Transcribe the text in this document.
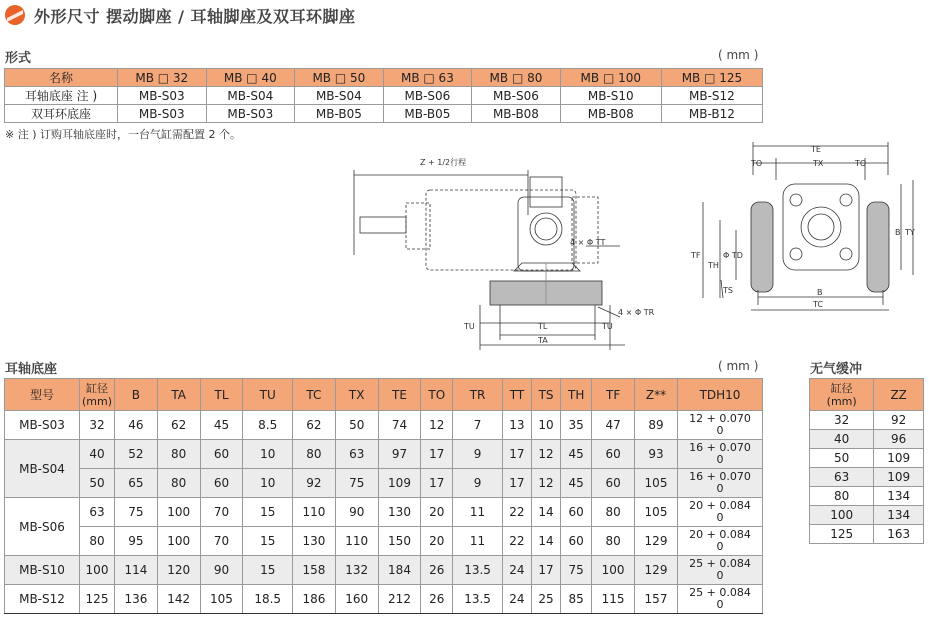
外形尺寸 摆动脚座 / 耳轴脚座及双耳环脚座
形式	( mm )
名称	MB □ 32	MB □ 40	MB □ 50	MB □ 63	MB □ 80	MB □ 100	MB □ 125
耳轴底座 注 )	MB-S03	MB-S04	MB-S04	MB-S06	MB-S06	MB-S10	MB-S12
双耳环底座	MB-S03	MB-S03	MB-B05	MB-B05	MB-B08	MB-B08	MB-B12
※ 注 ) 订购耳轴底座时，一台气缸需配置 2 个。
Z + 1/2行程
4 × Φ TT
4 × Φ TR
TU	TU
TL
TA
TE
TO	TX	TO
TF
TH
Φ TD
TS
B TY
B
TC
耳轴底座	( mm )
型号	缸径
(mm)	B	TA	TL	TU	TC	TX	TE	TO	TR	TT	TS	TH	TF	Z**	TDH10
MB-S03	32	46	62	45	8.5	62	50	74	12	7	13	10	35	47	89	12 + 0.070
0

MB-S04	40	52	80	60	10	80	63	97	17	9	17	12	45	60	93	16 + 0.070
0

	50	65	80	60	10	92	75	109	17	9	17	12	45	60	105	16 + 0.070
0

MB-S06	63	75	100	70	15	110	90	130	20	11	22	14	60	80	105	20 + 0.084
0

	80	95	100	70	15	130	110	150	20	11	22	14	60	80	129	20 + 0.084
0

MB-S10	100	114	120	90	15	158	132	184	26	13.5	24	17	75	100	129	25 + 0.084
0

MB-S12	125	136	142	105	18.5	186	160	212	26	13.5	24	25	85	115	157	25 + 0.084
0
无气缓冲
缸径
(mm)	ZZ
32	92
40	96
50	109
63	109
80	134
100	134
125	163
